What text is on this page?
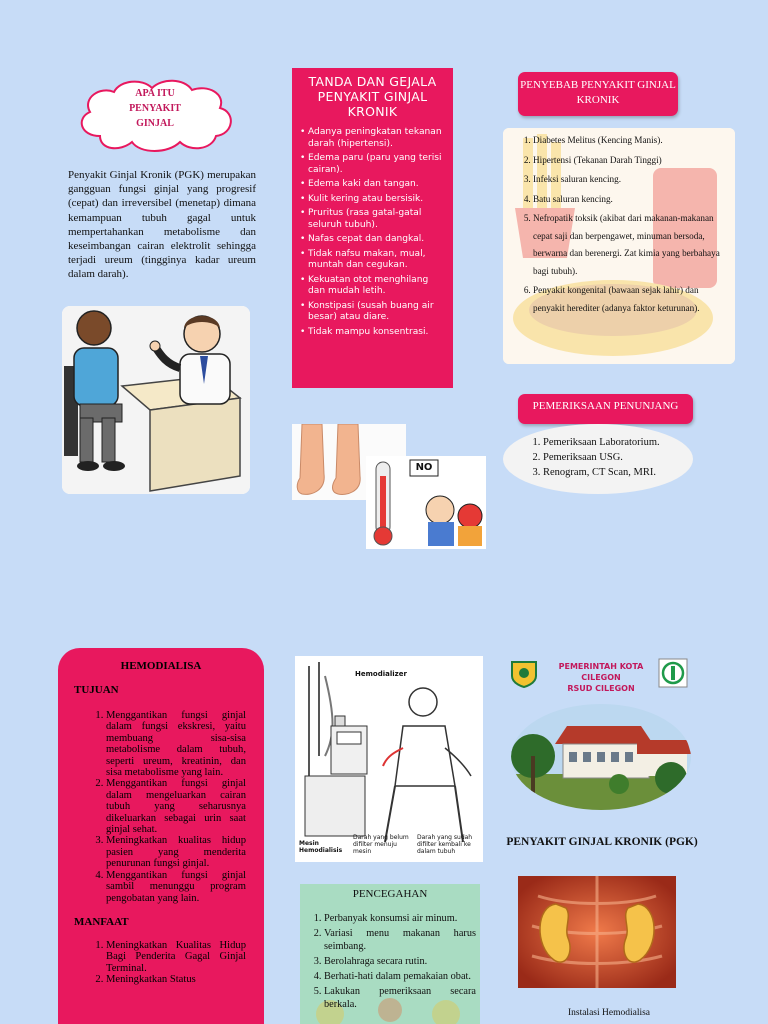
APA ITU PENYAKIT GINJAL

Penyakit Ginjal Kronik (PGK) merupakan gangguan fungsi ginjal yang progresif (cepat) dan irreversibel (menetap) dimana kemampuan tubuh gagal untuk mempertahankan metabolisme dan keseimbangan cairan elektrolit sehingga terjadi ureum (tingginya kadar ureum dalam darah).

TANDA DAN GEJALA PENYAKIT GINJAL KRONIK
• Adanya peningkatan tekanan darah (hipertensi).
• Edema paru (paru yang terisi cairan).
• Edema kaki dan tangan.
• Kulit kering atau bersisik.
• Pruritus (rasa gatal-gatal seluruh tubuh).
• Nafas cepat dan dangkal.
• Tidak nafsu makan, mual, muntah dan cegukan.
• Kekuatan otot menghilang dan mudah letih.
• Konstipasi (susah buang air besar) atau diare.
• Tidak mampu konsentrasi.
NO
PENYEBAB PENYAKIT GINJAL KRONIK
1. Diabetes Melitus (Kencing Manis).
2. Hipertensi (Tekanan Darah Tinggi)
3. Infeksi saluran kencing.
4. Batu saluran kencing.
5. Nefropatik toksik (akibat dari makanan-makanan cepat saji dan berpengawet, minuman bersoda, berwarna dan berenergi. Zat kimia yang berbahaya bagi tubuh).
6. Penyakit kongenital (bawaan sejak lahir) dan penyakit herediter (adanya faktor keturunan).
PEMERIKSAAN PENUNJANG
1. Pemeriksaan Laboratorium.
2. Pemeriksaan USG.
3. Renogram, CT Scan, MRI.
HEMODIALISA
TUJUAN
1. Menggantikan fungsi ginjal dalam fungsi ekskresi, yaitu membuang sisa-sisa metabolisme dalam tubuh, seperti ureum, kreatinin, dan sisa metabolisme yang lain.
2. Menggantikan fungsi ginjal dalam mengeluarkan cairan tubuh yang seharusnya dikeluarkan sebagai urin saat ginjal sehat.
3. Meningkatkan kualitas hidup pasien yang menderita penurunan fungsi ginjal.
4. Menggantikan fungsi ginjal sambil menunggu program pengobatan yang lain.
MANFAAT
1. Meningkatkan Kualitas Hidup Bagi Penderita Gagal Ginjal Terminal.
2. Meningkatkan Status
Hemodializer
Mesin Hemodialisis
Darah yang belum difilter menuju mesin
Darah yang sudah difilter kembali ke dalam tubuh
PENCEGAHAN
1. Perbanyak konsumsi air minum.
2. Variasi menu makanan harus seimbang.
3. Berolahraga secara rutin.
4. Berhati-hati dalam pemakaian obat.
5. Lakukan pemeriksaan secara berkala.
PEMERINTAH KOTA CILEGON
RSUD CILEGON
PENYAKIT GINJAL KRONIK (PGK)
Instalasi Hemodialisa
